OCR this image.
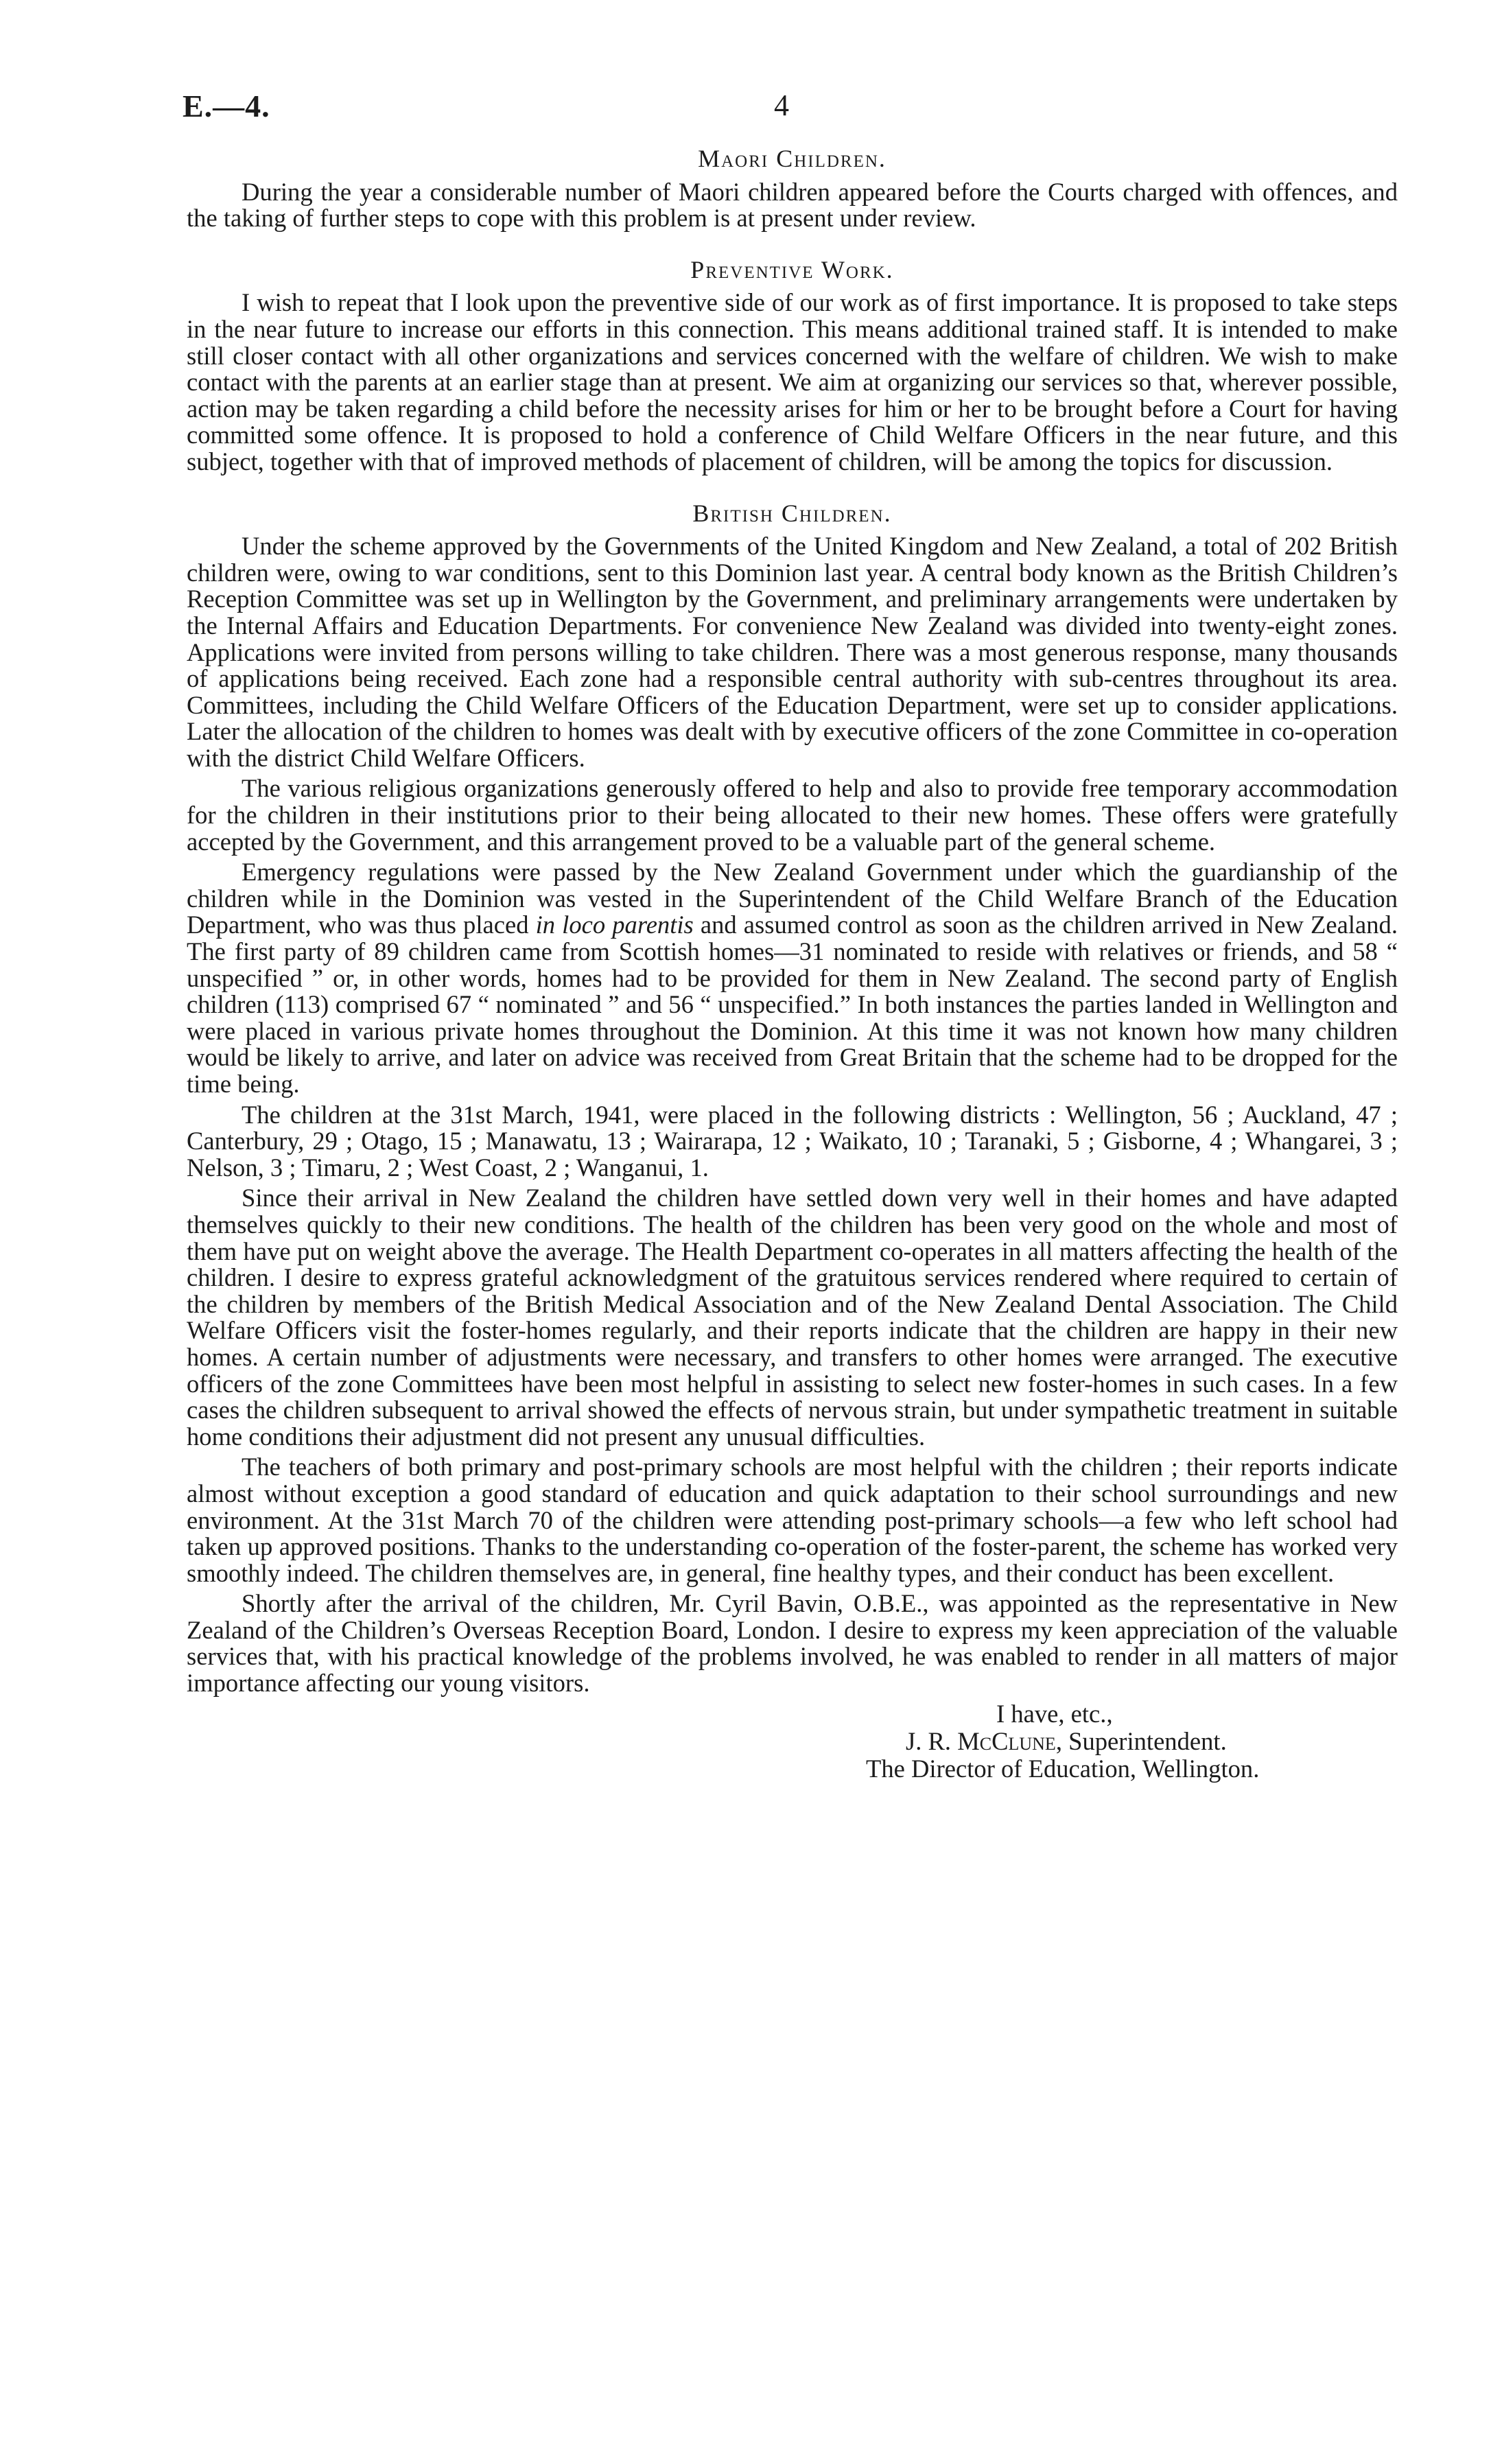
E.—4.	4
Maori Children.

During the year a considerable number of Maori children appeared before the Courts charged with offences, and the taking of further steps to cope with this problem is at present under review.

Preventive Work.

I wish to repeat that I look upon the preventive side of our work as of first importance. It is proposed to take steps in the near future to increase our efforts in this connection. This means additional trained staff. It is intended to make still closer contact with all other organizations and services concerned with the welfare of children. We wish to make contact with the parents at an earlier stage than at present. We aim at organizing our services so that, wherever possible, action may be taken regarding a child before the necessity arises for him or her to be brought before a Court for having committed some offence. It is proposed to hold a conference of Child Welfare Officers in the near future, and this subject, together with that of improved methods of placement of children, will be among the topics for discussion.

British Children.

Under the scheme approved by the Governments of the United Kingdom and New Zealand, a total of 202 British children were, owing to war conditions, sent to this Dominion last year. A central body known as the British Children’s Reception Committee was set up in Wellington by the Government, and preliminary arrangements were undertaken by the Internal Affairs and Education Departments. For convenience New Zealand was divided into twenty-eight zones. Applications were invited from persons willing to take children. There was a most generous response, many thousands of applications being received. Each zone had a responsible central authority with sub-centres throughout its area. Committees, including the Child Welfare Officers of the Education Department, were set up to consider applications. Later the allocation of the children to homes was dealt with by executive officers of the zone Committee in co-operation with the district Child Welfare Officers.

The various religious organizations generously offered to help and also to provide free temporary accommodation for the children in their institutions prior to their being allocated to their new homes. These offers were gratefully accepted by the Government, and this arrangement proved to be a valuable part of the general scheme.

Emergency regulations were passed by the New Zealand Government under which the guardianship of the children while in the Dominion was vested in the Superintendent of the Child Welfare Branch of the Education Department, who was thus placed in loco parentis and assumed control as soon as the children arrived in New Zealand. The first party of 89 children came from Scottish homes—31 nominated to reside with relatives or friends, and 58 “ unspecified ” or, in other words, homes had to be provided for them in New Zealand. The second party of English children (113) comprised 67 “ nominated ” and 56 “ unspecified.” In both instances the parties landed in Wellington and were placed in various private homes throughout the Dominion. At this time it was not known how many children would be likely to arrive, and later on advice was received from Great Britain that the scheme had to be dropped for the time being.

The children at the 31st March, 1941, were placed in the following districts : Wellington, 56 ; Auckland, 47 ; Canterbury, 29 ; Otago, 15 ; Manawatu, 13 ; Wairarapa, 12 ; Waikato, 10 ; Taranaki, 5 ; Gisborne, 4 ; Whangarei, 3 ; Nelson, 3 ; Timaru, 2 ; West Coast, 2 ; Wanganui, 1.

Since their arrival in New Zealand the children have settled down very well in their homes and have adapted themselves quickly to their new conditions. The health of the children has been very good on the whole and most of them have put on weight above the average. The Health Department co-operates in all matters affecting the health of the children. I desire to express grateful acknowledgment of the gratuitous services rendered where required to certain of the children by members of the British Medical Association and of the New Zealand Dental Association. The Child Welfare Officers visit the foster-homes regularly, and their reports indicate that the children are happy in their new homes. A certain number of adjustments were necessary, and transfers to other homes were arranged. The executive officers of the zone Committees have been most helpful in assisting to select new foster-homes in such cases. In a few cases the children subsequent to arrival showed the effects of nervous strain, but under sympathetic treatment in suitable home conditions their adjustment did not present any unusual difficulties.

The teachers of both primary and post-primary schools are most helpful with the children ; their reports indicate almost without exception a good standard of education and quick adaptation to their school surroundings and new environment. At the 31st March 70 of the children were attending post-primary schools—a few who left school had taken up approved positions. Thanks to the understanding co-operation of the foster-parent, the scheme has worked very smoothly indeed. The children themselves are, in general, fine healthy types, and their conduct has been excellent.

Shortly after the arrival of the children, Mr. Cyril Bavin, O.B.E., was appointed as the representative in New Zealand of the Children’s Overseas Reception Board, London. I desire to express my keen appreciation of the valuable services that, with his practical knowledge of the problems involved, he was enabled to render in all matters of major importance affecting our young visitors.

I have, etc.,
J. R. McClune, Superintendent.
The Director of Education, Wellington.
